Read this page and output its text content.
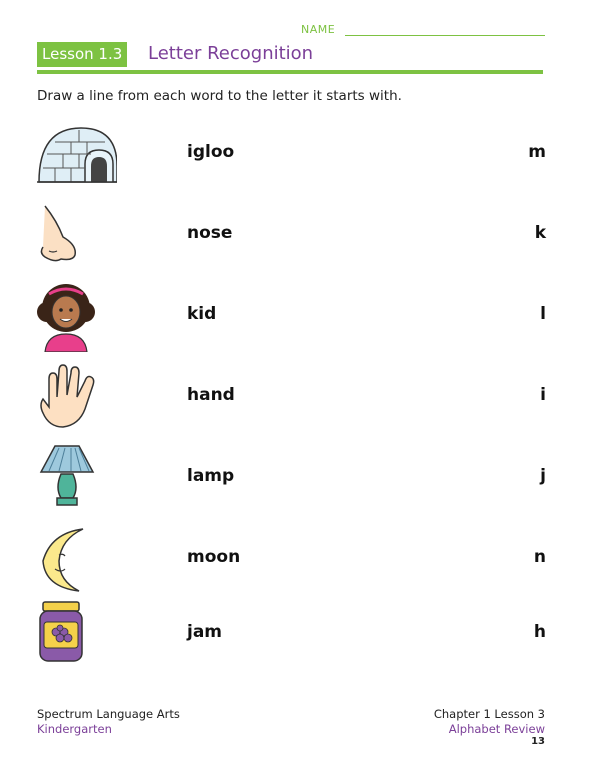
NAME
Lesson 1.3 Letter Recognition
Draw a line from each word to the letter it starts with.
igloo	m
nose	k
kid	l
hand	i
lamp	j
moon	n
jam	h
Spectrum Language Arts
Kindergarten
Chapter 1 Lesson 3
Alphabet Review
13
